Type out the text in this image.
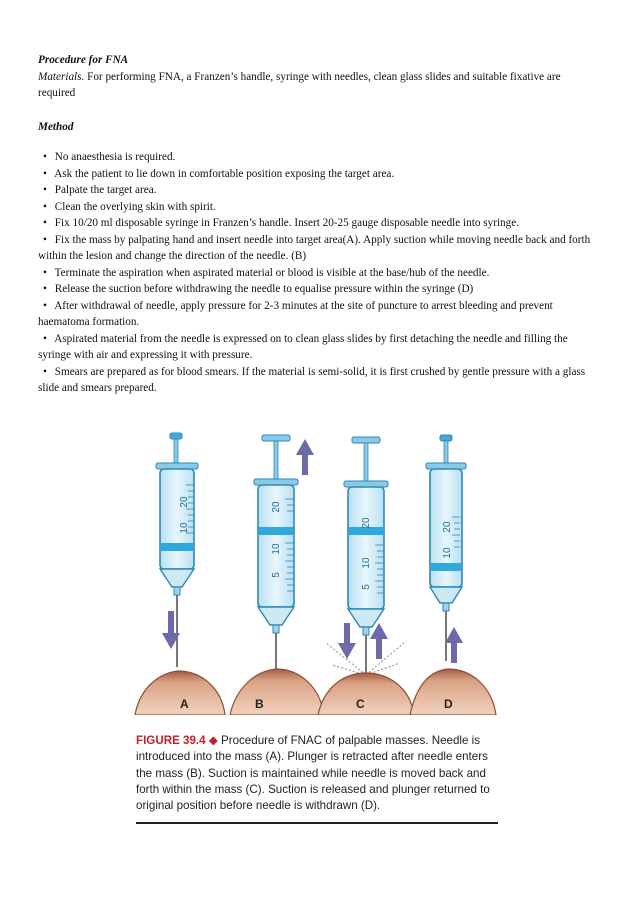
Procedure for FNA
Materials. For performing FNA, a Franzen’s handle, syringe with needles, clean glass slides and suitable fixative are required
Method
• No anaesthesia is required.
• Ask the patient to lie down in comfortable position exposing the target area.
• Palpate the target area.
• Clean the overlying skin with spirit.
• Fix 10/20 ml disposable syringe in Franzen’s handle. Insert 20-25 gauge disposable needle into syringe.
• Fix the mass by palpating hand and insert needle into target area(A). Apply suction while moving needle back and forth within the lesion and change the direction of the needle. (B)
• Terminate the aspiration when aspirated material or blood is visible at the base/hub of the needle.
• Release the suction before withdrawing the needle to equalise pressure within the syringe (D)
• After withdrawal of needle, apply pressure for 2-3 minutes at the site of puncture to arrest bleeding and prevent haematoma formation.
• Aspirated material from the needle is expressed on to clean glass slides by first detaching the needle and filling the syringe with air and expressing it with pressure.
• Smears are prepared as for blood smears. If the material is semi-solid, it is first crushed by gentle pressure with a glass slide and smears prepared.
20
10
20
10
5
20
10
5
20
10
A	B	C	D
FIGURE 39.4 ◆ Procedure of FNAC of palpable masses. Needle is introduced into the mass (A). Plunger is retracted after needle enters the mass (B). Suction is maintained while needle is moved back and forth within the mass (C). Suction is released and plunger returned to original position before needle is withdrawn (D).
